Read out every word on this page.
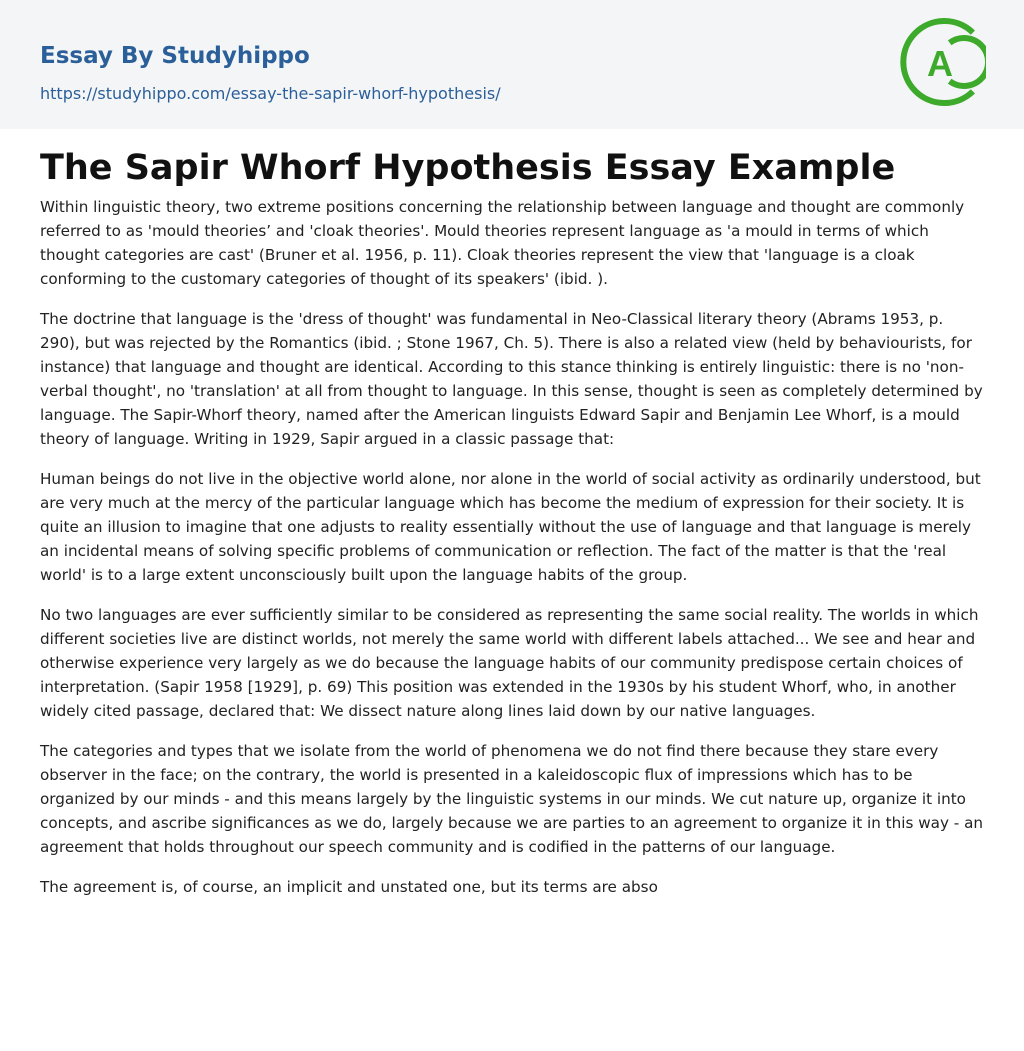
Essay By Studyhippo
https://studyhippo.com/essay-the-sapir-whorf-hypothesis/
A
The Sapir Whorf Hypothesis Essay Example

Within linguistic theory, two extreme positions concerning the relationship between language and thought are commonly referred to as 'mould theories’ and 'cloak theories'. Mould theories represent language as 'a mould in terms of which thought categories are cast' (Bruner et al. 1956, p. 11). Cloak theories represent the view that 'language is a cloak conforming to the customary categories of thought of its speakers' (ibid. ).

The doctrine that language is the 'dress of thought' was fundamental in Neo-Classical literary theory (Abrams 1953, p. 290), but was rejected by the Romantics (ibid. ; Stone 1967, Ch. 5). There is also a related view (held by behaviourists, for instance) that language and thought are identical. According to this stance thinking is entirely linguistic: there is no 'non-verbal thought', no 'translation' at all from thought to language. In this sense, thought is seen as completely determined by language. The Sapir-Whorf theory, named after the American linguists Edward Sapir and Benjamin Lee Whorf, is a mould theory of language. Writing in 1929, Sapir argued in a classic passage that:

Human beings do not live in the objective world alone, nor alone in the world of social activity as ordinarily understood, but are very much at the mercy of the particular language which has become the medium of expression for their society. It is quite an illusion to imagine that one adjusts to reality essentially without the use of language and that language is merely an incidental means of solving specific problems of communication or reflection. The fact of the matter is that the 'real world' is to a large extent unconsciously built upon the language habits of the group.

No two languages are ever sufficiently similar to be considered as representing the same social reality. The worlds in which different societies live are distinct worlds, not merely the same world with different labels attached... We see and hear and otherwise experience very largely as we do because the language habits of our community predispose certain choices of interpretation. (Sapir 1958 [1929], p. 69) This position was extended in the 1930s by his student Whorf, who, in another widely cited passage, declared that: We dissect nature along lines laid down by our native languages.

The categories and types that we isolate from the world of phenomena we do not find there because they stare every observer in the face; on the contrary, the world is presented in a kaleidoscopic flux of impressions which has to be organized by our minds - and this means largely by the linguistic systems in our minds. We cut nature up, organize it into concepts, and ascribe significances as we do, largely because we are parties to an agreement to organize it in this way - an agreement that holds throughout our speech community and is codified in the patterns of our language.

The agreement is, of course, an implicit and unstated one, but its terms are abso
